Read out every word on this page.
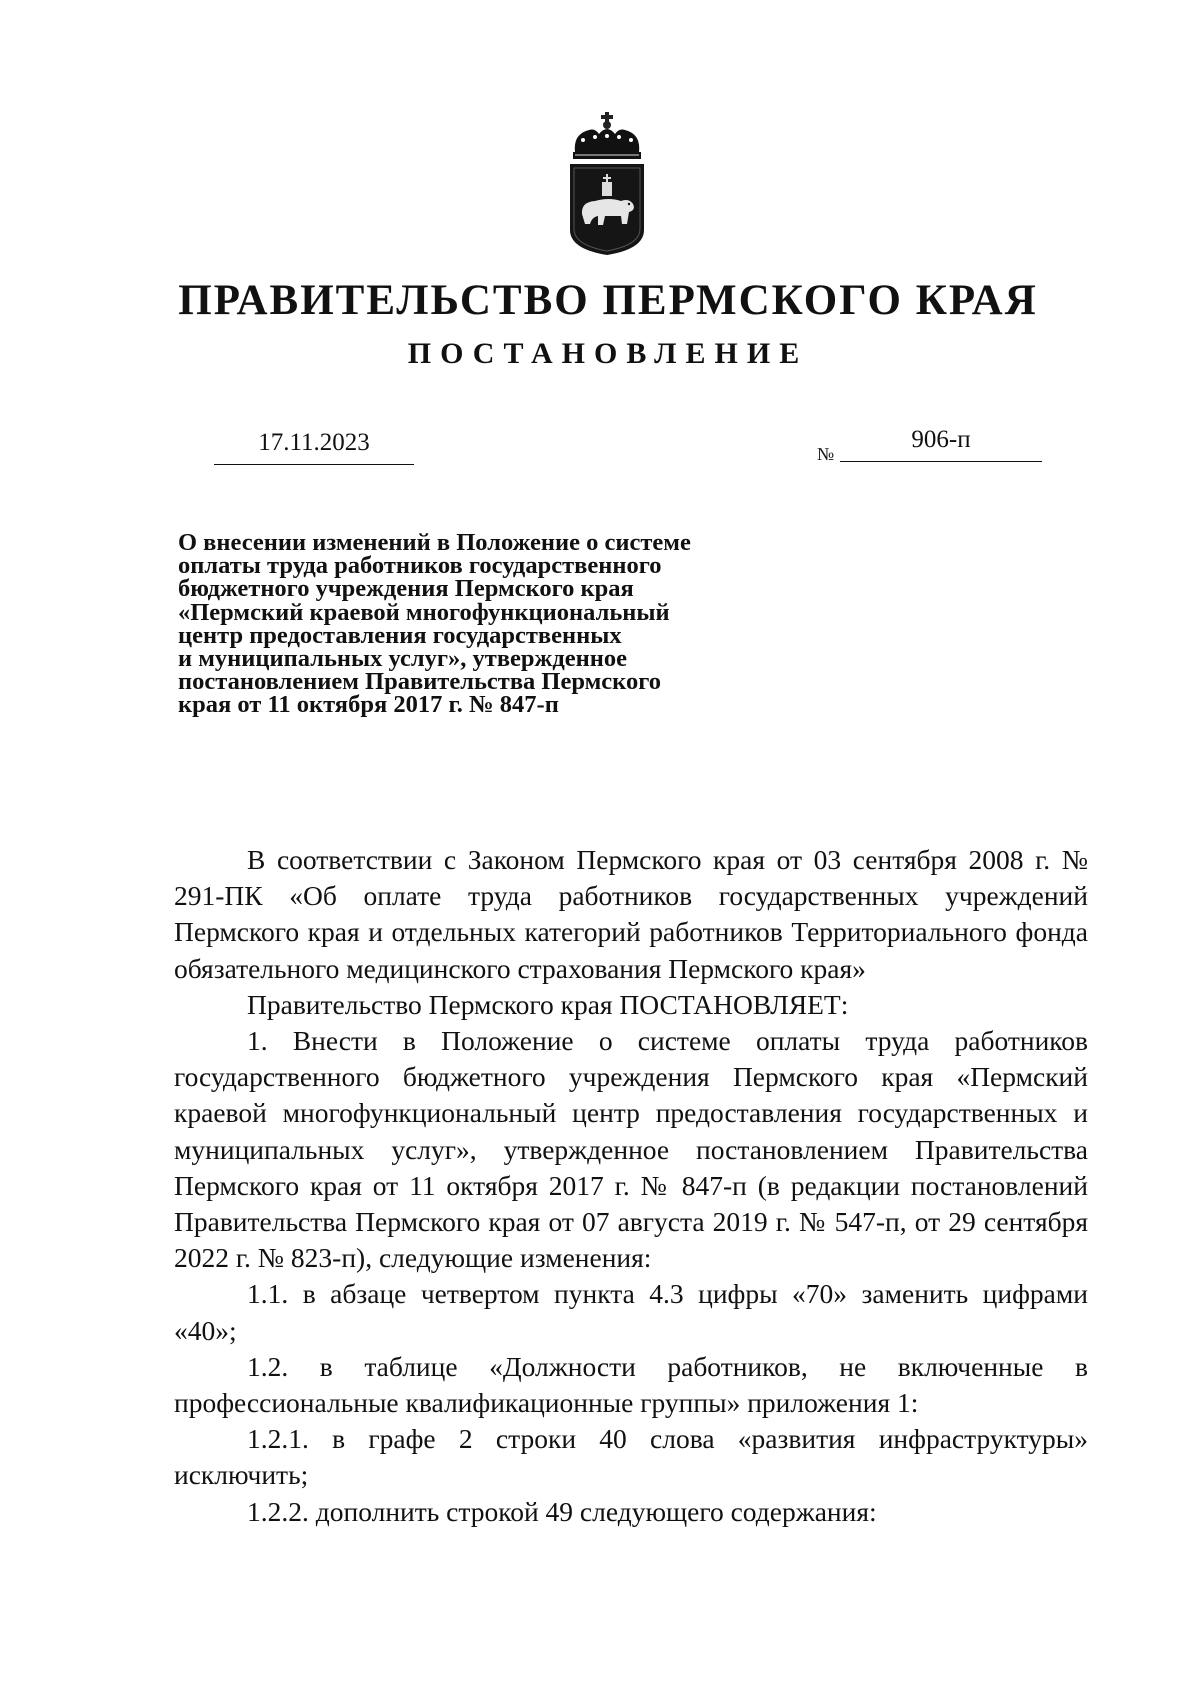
ПРАВИТЕЛЬСТВО ПЕРМСКОГО КРАЯ
ПОСТАНОВЛЕНИЕ
17.11.2023	№
906-п

О внесении изменений в Положение о системе
оплаты труда работников государственного
бюджетного учреждения Пермского края
«Пермский краевой многофункциональный
центр предоставления государственных
и муниципальных услуг», утвержденное
постановлением Правительства Пермского
края от 11 октября 2017 г. № 847-п

В соответствии с Законом Пермского края от 03 сентября 2008 г. № 291-ПК «Об оплате труда работников государственных учреждений Пермского края и отдельных категорий работников Территориального фонда обязательного медицинского страхования Пермского края»

Правительство Пермского края ПОСТАНОВЛЯЕТ:

1. Внести в Положение о системе оплаты труда работников государственного бюджетного учреждения Пермского края «Пермский краевой многофункциональный центр предоставления государственных и муниципальных услуг», утвержденное постановлением Правительства Пермского края от 11 октября 2017 г. № 847-п (в редакции постановлений Правительства Пермского края от 07 августа 2019 г. № 547-п, от 29 сентября 2022 г. № 823-п), следующие изменения:

1.1. в абзаце четвертом пункта 4.3 цифры «70» заменить цифрами «40»;

1.2. в таблице «Должности работников, не включенные в профессиональные квалификационные группы» приложения 1:

1.2.1. в графе 2 строки 40 слова «развития инфраструктуры» исключить;

1.2.2. дополнить строкой 49 следующего содержания:
